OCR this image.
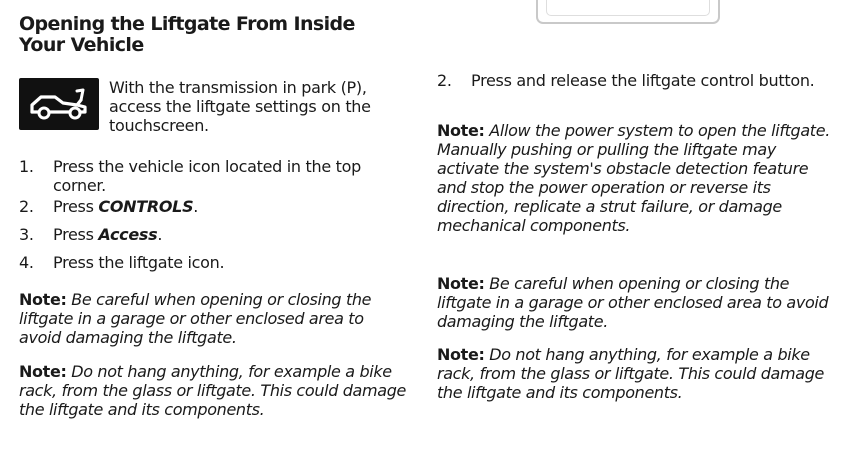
Opening the Liftgate From Inside
Your Vehicle

With the transmission in park (P), access the liftgate settings on the touchscreen.

1.	Press the vehicle icon located in the top corner.
2.	Press CONTROLS.
3.	Press Access.
4.	Press the liftgate icon.

Note: Be careful when opening or closing the liftgate in a garage or other enclosed area to avoid damaging the liftgate.

Note: Do not hang anything, for example a bike rack, from the glass or liftgate. This could damage the liftgate and its components.

2.	Press and release the liftgate control button.

Note: Allow the power system to open the liftgate. Manually pushing or pulling the liftgate may activate the system's obstacle detection feature and stop the power operation or reverse its direction, replicate a strut failure, or damage mechanical components.

Note: Be careful when opening or closing the liftgate in a garage or other enclosed area to avoid damaging the liftgate.

Note: Do not hang anything, for example a bike rack, from the glass or liftgate. This could damage the liftgate and its components.
